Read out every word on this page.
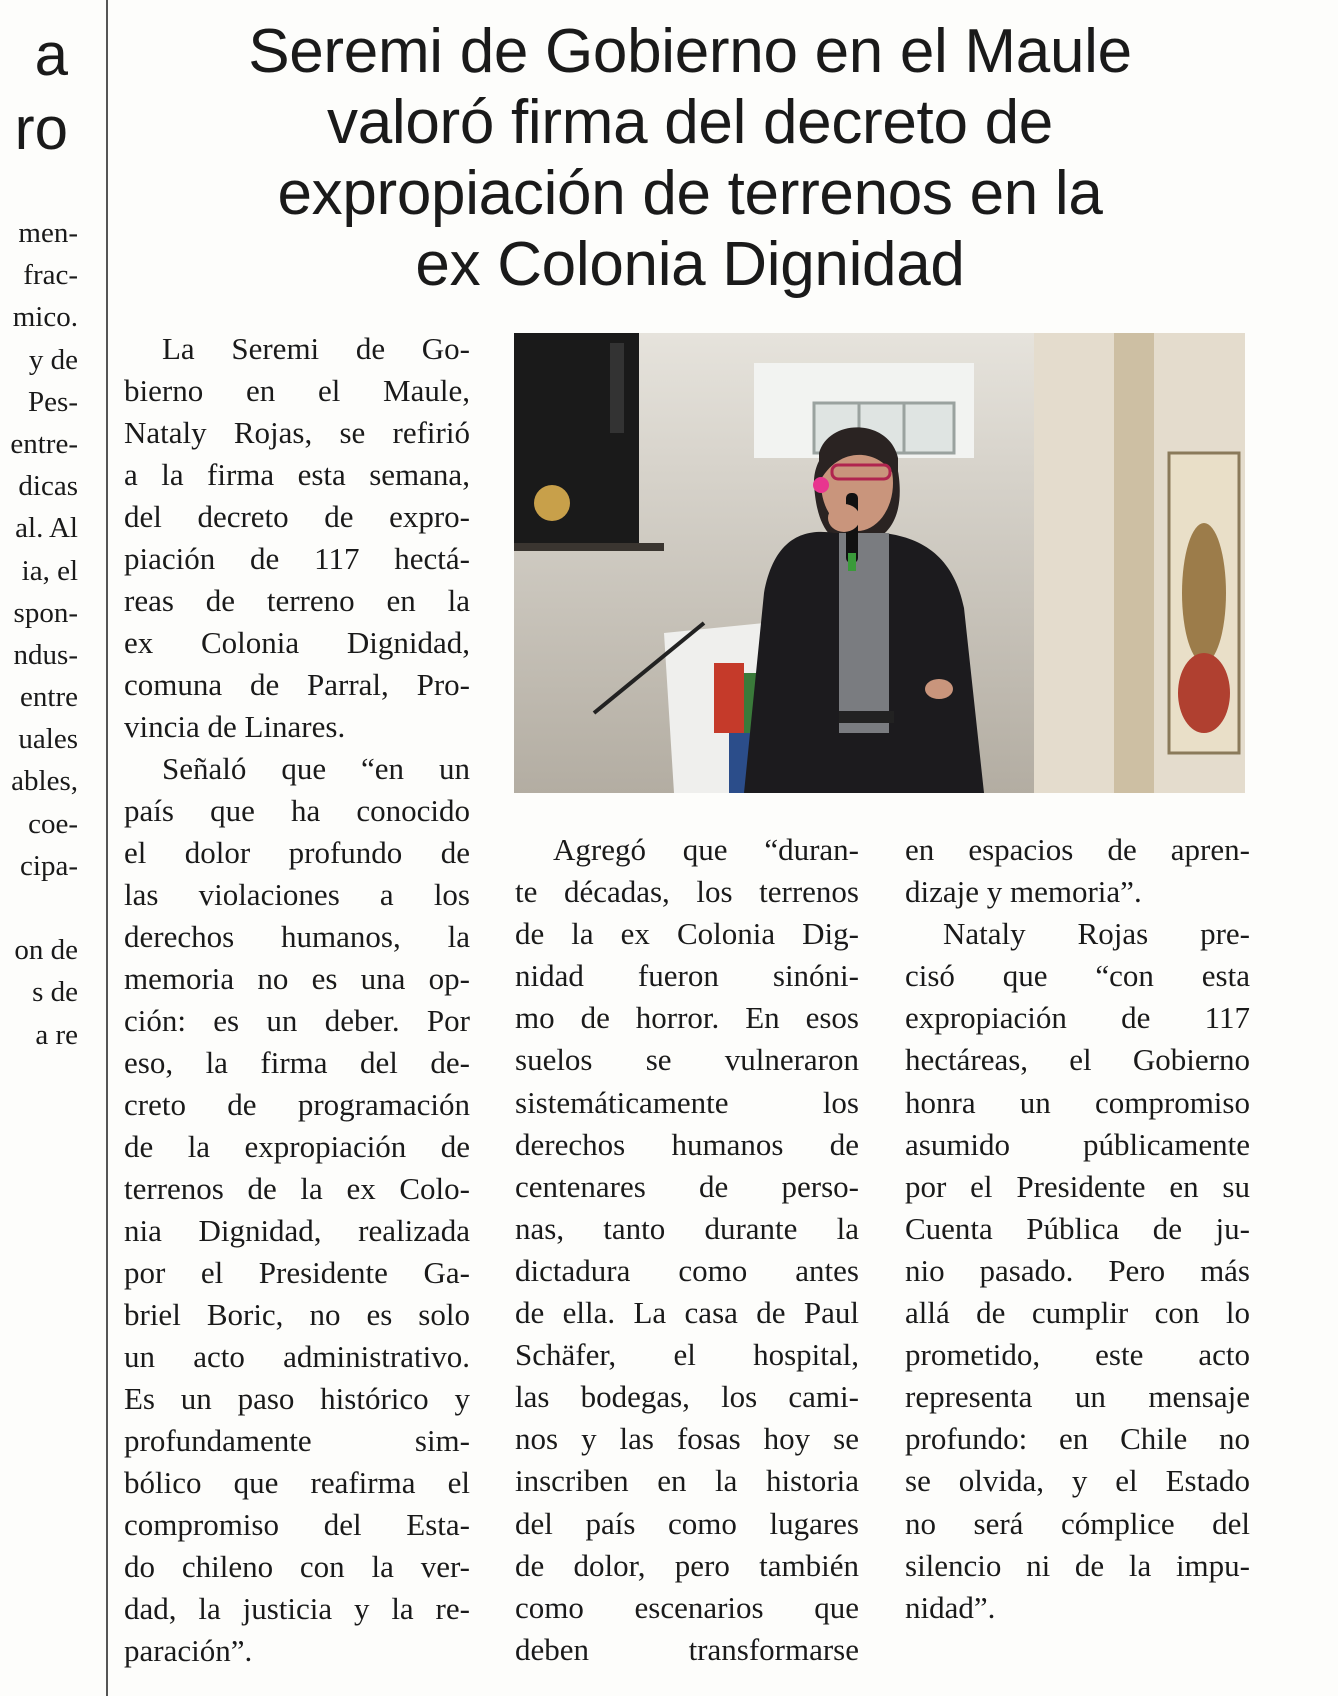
a
ro
men-
frac-
mico.
y de
Pes-
entre-
dicas
al. Al
ia, el
spon-
ndus-
entre
uales
ables,
coe-
cipa-
on de
s de
a re
Seremi de Gobierno en el Maule
valoró firma del decreto de
expropiación de terrenos en la
ex Colonia Dignidad
La Seremi de Go-
bierno en el Maule,
Nataly Rojas, se refirió
a la firma esta semana,
del decreto de expro-
piación de 117 hectá-
reas de terreno en la
ex Colonia Dignidad,
comuna de Parral, Pro-
vincia de Linares.
Señaló que “en un
país que ha conocido
el dolor profundo de
las violaciones a los
derechos humanos, la
memoria no es una op-
ción: es un deber. Por
eso, la firma del de-
creto de programación
de la expropiación de
terrenos de la ex Colo-
nia Dignidad, realizada
por el Presidente Ga-
briel Boric, no es solo
un acto administrativo.
Es un paso histórico y
profundamente	sim-
bólico que reafirma el
compromiso del Esta-
do chileno con la ver-
dad, la justicia y la re-
paración”.
Agregó que “duran-
te décadas, los terrenos
de la ex Colonia Dig-
nidad fueron sinóni-
mo de horror. En esos
suelos se vulneraron
sistemáticamente	los
derechos humanos de
centenares de perso-
nas, tanto durante la
dictadura como antes
de ella. La casa de Paul
Schäfer, el hospital,
las bodegas, los cami-
nos y las fosas hoy se
inscriben en la historia
del país como lugares
de dolor, pero también
como escenarios que
deben	transformarse
en espacios de apren-
dizaje y memoria”.
Nataly Rojas pre-
cisó que “con esta
expropiación de 117
hectáreas, el Gobierno
honra un compromiso
asumido públicamente
por el Presidente en su
Cuenta Pública de ju-
nio pasado. Pero más
allá de cumplir con lo
prometido, este acto
representa un mensaje
profundo: en Chile no
se olvida, y el Estado
no será cómplice del
silencio ni de la impu-
nidad”.
